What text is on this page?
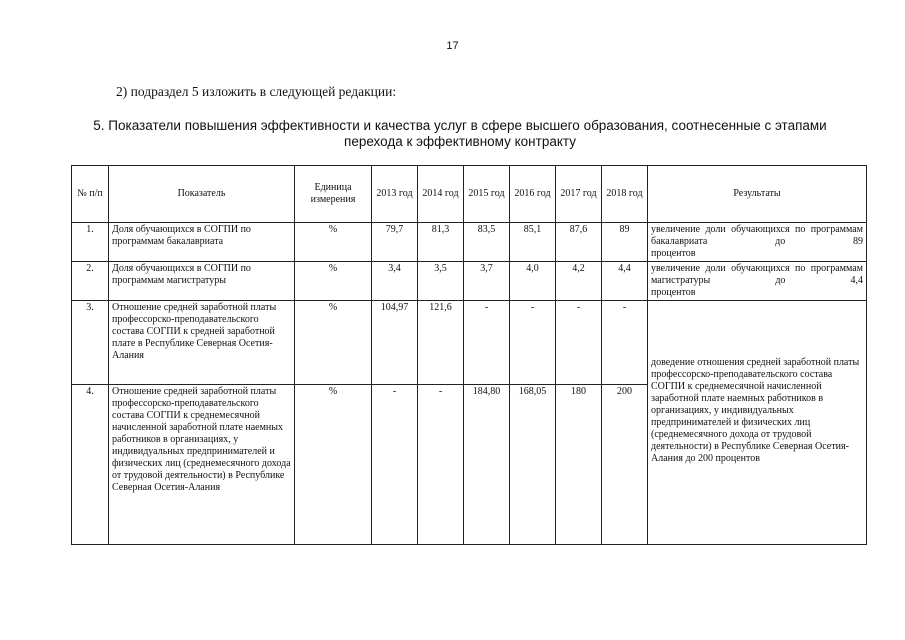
17
2) подраздел 5 изложить в следующей редакции:
5. Показатели повышения эффективности и качества услуг в сфере высшего образования, соотнесенные с этапами
перехода к эффективному контракту
№ п/п	Показатель	Единица измерения	2013 год	2014 год	2015 год	2016 год	2017 год	2018 год	Результаты
1.	Доля обучающихся в СОГПИ по программам бакалавриата	%	79,7	81,3	83,5	85,1	87,6	89	увеличение доли обучающихся по программам бакалавриата до 89
процентов

2.	Доля обучающихся в СОГПИ по программам магистратуры	%	3,4	3,5	3,7	4,0	4,2	4,4	увеличение доли обучающихся по программам магистратуры до 4,4
процентов

3.	Отношение средней заработной платы профессорско-преподавательского состава СОГПИ к средней заработной плате в Республике Северная Осетия-Алания	%	104,97	121,6	-	-	-	-	доведение отношения средней заработной платы профессорско-преподавательского состава СОГПИ к среднемесячной начисленной заработной плате наемных работников в организациях, у индивидуальных предпринимателей и физических лиц (среднемесячного дохода от трудовой деятельности) в Республике Северная Осетия-Алания до 200 процентов
4.	Отношение средней заработной платы профессорско-преподавательского состава СОГПИ к среднемесячной начисленной заработной плате наемных работников в организациях, у индивидуальных предпринимателей и физических лиц (среднемесячного дохода от трудовой деятельности) в Республике Северная Осетия-Алания	%	-	-	184,80	168,05	180	200	
